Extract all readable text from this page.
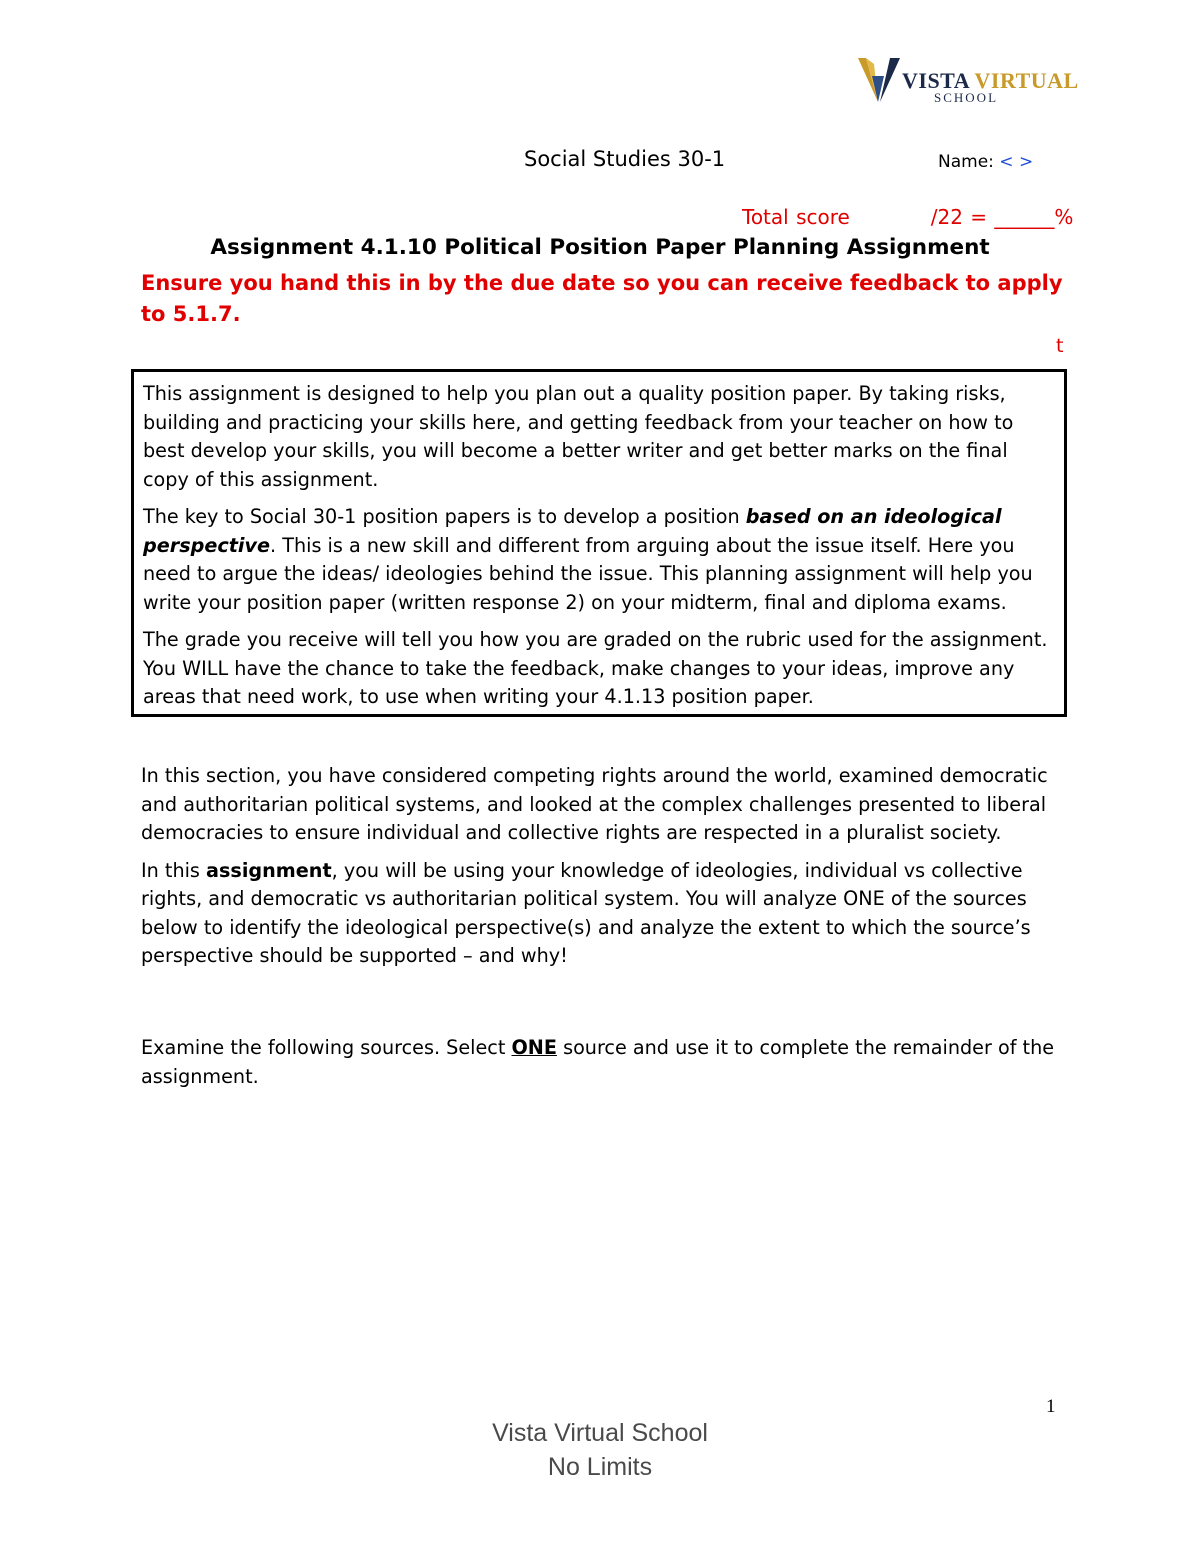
VISTA VIRTUAL
SCHOOL
Social Studies 30-1	Name: < >
Total score           /22 = ______%
Assignment 4.1.10 Political Position Paper Planning Assignment
Ensure you hand this in by the due date so you can receive feedback to apply to 5.1.7.
t

This assignment is designed to help you plan out a quality position paper. By taking risks, building and practicing your skills here, and getting feedback from your teacher on how to best develop your skills, you will become a better writer and get better marks on the final copy of this assignment.

The key to Social 30-1 position papers is to develop a position based on an ideological perspective. This is a new skill and different from arguing about the issue itself. Here you need to argue the ideas/ ideologies behind the issue. This planning assignment will help you write your position paper (written response 2) on your midterm, final and diploma exams.

The grade you receive will tell you how you are graded on the rubric used for the assignment. You WILL have the chance to take the feedback, make changes to your ideas, improve any areas that need work, to use when writing your 4.1.13 position paper.

In this section, you have considered competing rights around the world, examined democratic and authoritarian political systems, and looked at the complex challenges presented to liberal democracies to ensure individual and collective rights are respected in a pluralist society.

In this assignment, you will be using your knowledge of ideologies, individual vs collective rights, and democratic vs authoritarian political system. You will analyze ONE of the sources below to identify the ideological perspective(s) and analyze the extent to which the source’s perspective should be supported – and why!

Examine the following sources. Select ONE source and use it to complete the remainder of the assignment.

1
Vista Virtual School
No Limits
